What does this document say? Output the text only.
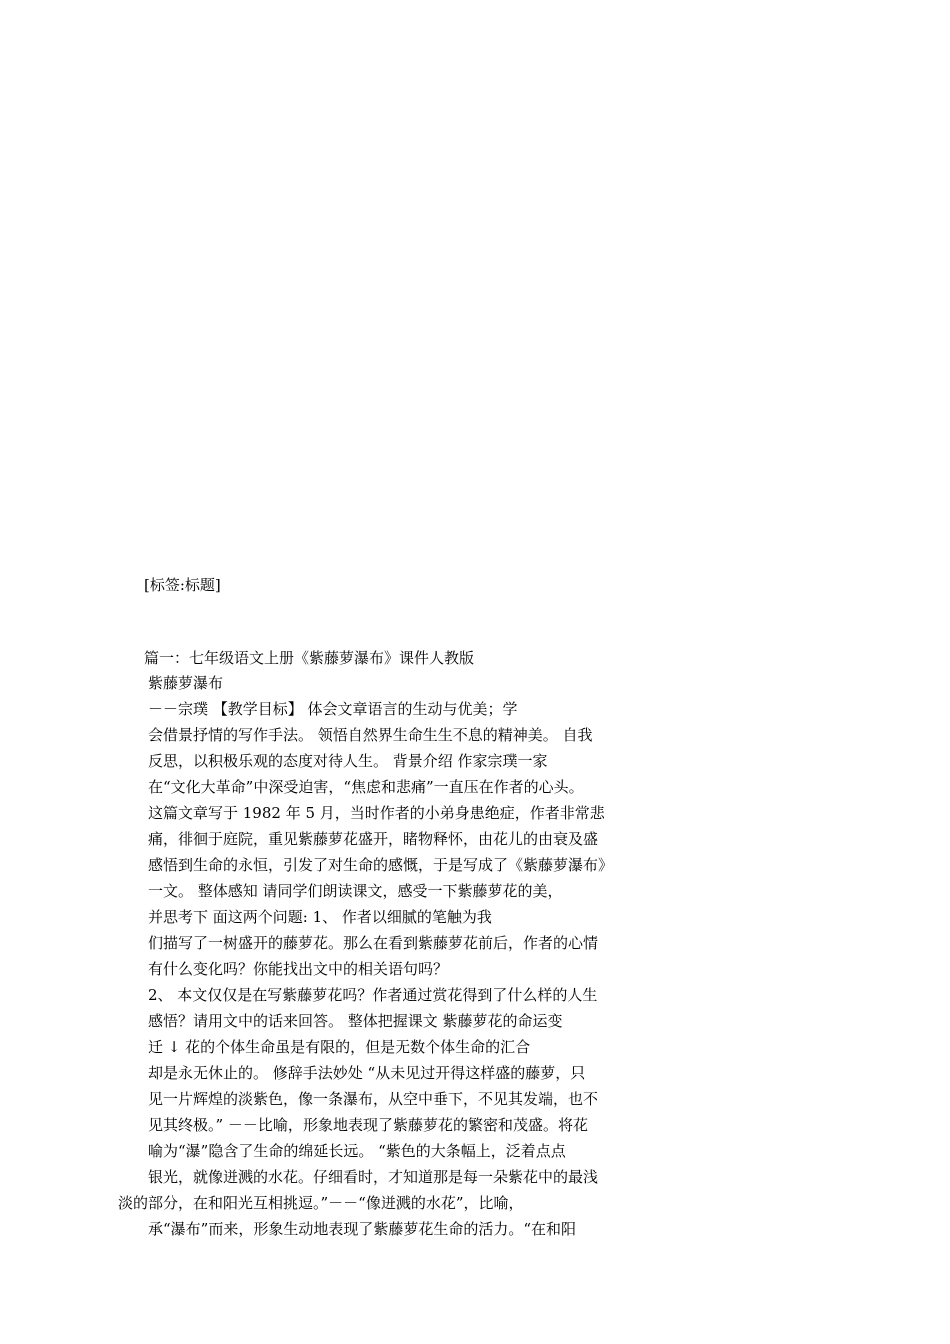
[标签:标题]
篇一：七年级语文上册《紫藤萝瀑布》课件人教版
紫藤萝瀑布
－－宗璞 【教学目标】 体会文章语言的生动与优美；学
会借景抒情的写作手法。 领悟自然界生命生生不息的精神美。 自我
反思，以积极乐观的态度对待人生。 背景介绍 作家宗璞一家
在“文化大革命”中深受迫害，“焦虑和悲痛”一直压在作者的心头。
这篇文章写于 1982 年 5 月，当时作者的小弟身患绝症，作者非常悲
痛，徘徊于庭院，重见紫藤萝花盛开，睹物释怀，由花儿的由衰及盛
感悟到生命的永恒，引发了对生命的感慨，于是写成了《紫藤萝瀑布》
一文。 整体感知 请同学们朗读课文，感受一下紫藤萝花的美，
并思考下 面这两个问题: 1、 作者以细腻的笔触为我
们描写了一树盛开的藤萝花。那么在看到紫藤萝花前后，作者的心情
有什么变化吗？你能找出文中的相关语句吗？
2、 本文仅仅是在写紫藤萝花吗？作者通过赏花得到了什么样的人生
感悟？请用文中的话来回答。 整体把握课文 紫藤萝花的命运变
迁 ↓ 花的个体生命虽是有限的，但是无数个体生命的汇合
却是永无休止的。 修辞手法妙处 “从未见过开得这样盛的藤萝，只
见一片辉煌的淡紫色，像一条瀑布，从空中垂下，不见其发端，也不
见其终极。” －－比喻，形象地表现了紫藤萝花的繁密和茂盛。将花
喻为“瀑”隐含了生命的绵延长远。 “紫色的大条幅上，泛着点点
银光，就像迸溅的水花。仔细看时，才知道那是每一朵紫花中的最浅
淡的部分，在和阳光互相挑逗。”－－“像迸溅的水花”，比喻，
承“瀑布”而来，形象生动地表现了紫藤萝花生命的活力。“在和阳
